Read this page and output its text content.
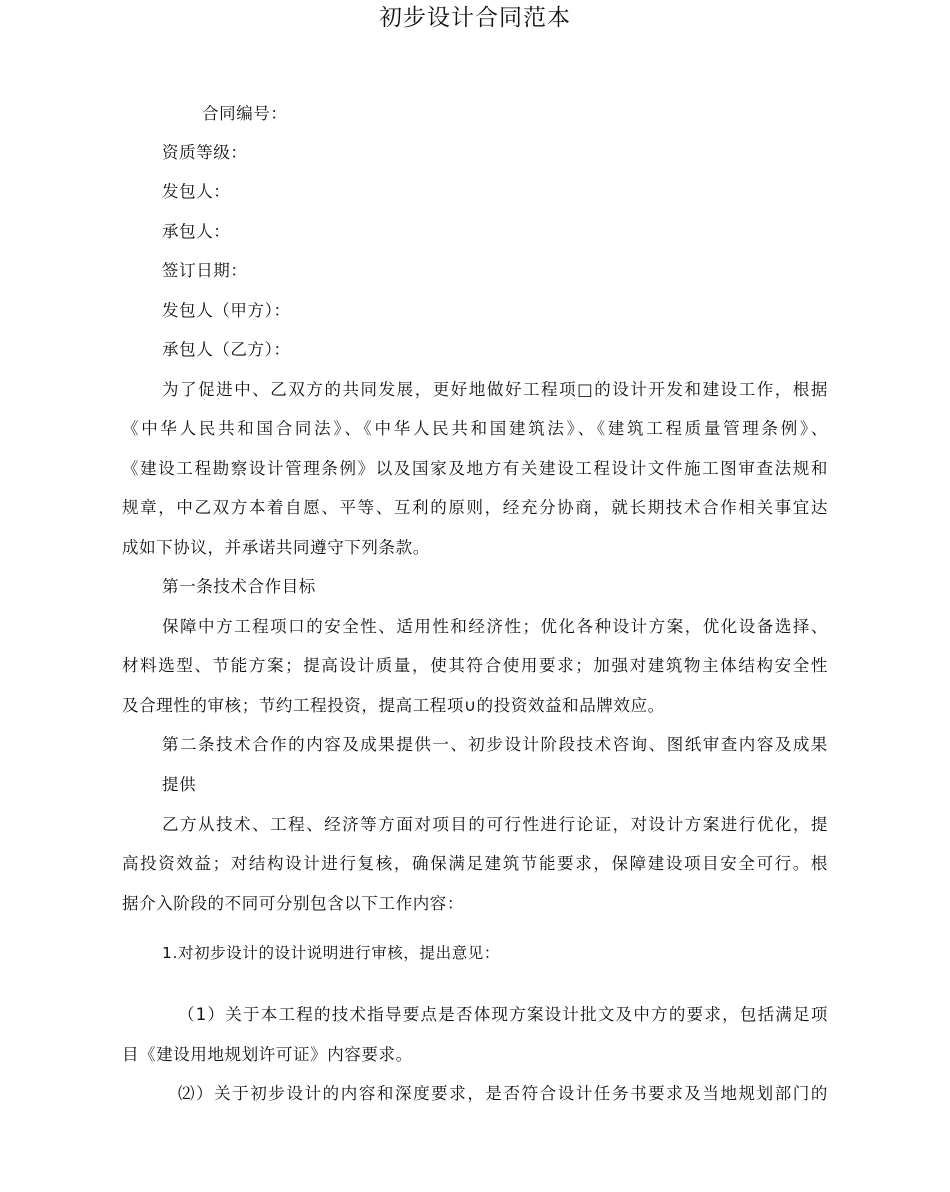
初步设计合同范本
合同编号：
资质等级：
发包人：
承包人：
签订日期：
发包人（甲方）：
承包人（乙方）：
为了促进中、乙双方的共同发展，更好地做好工程项□的设计开发和建设工作，根据
《中华人民共和国合同法》、《中华人民共和国建筑法》、《建筑工程质量管理条例》、
《建设工程勘察设计管理条例》以及国家及地方有关建设工程设计文件施工图审查法规和
规章，中乙双方本着自愿、平等、互利的原则，经充分协商，就长期技术合作相关事宜达
成如下协议，并承诺共同遵守下列条款。
第一条技术合作目标
保障中方工程项口的安全性、适用性和经济性；优化各种设计方案，优化设备选择、
材料选型、节能方案；提高设计质量，使其符合使用要求；加强对建筑物主体结构安全性
及合理性的审核；节约工程投资，提高工程项∪的投资效益和品牌效应。
第二条技术合作的内容及成果提供一、初步设计阶段技术咨询、图纸审查内容及成果
提供
乙方从技术、工程、经济等方面对项目的可行性进行论证，对设计方案进行优化，提
高投资效益；对结构设计进行复核，确保满足建筑节能要求，保障建设项目安全可行。根
据介入阶段的不同可分别包含以下工作内容：
1.对初步设计的设计说明进行审核，提出意见：
（1）关于本工程的技术指导要点是否体现方案设计批文及中方的要求，包括满足项
目《建设用地规划许可证》内容要求。
⑵）关于初步设计的内容和深度要求，是否符合设计任务书要求及当地规划部门的
